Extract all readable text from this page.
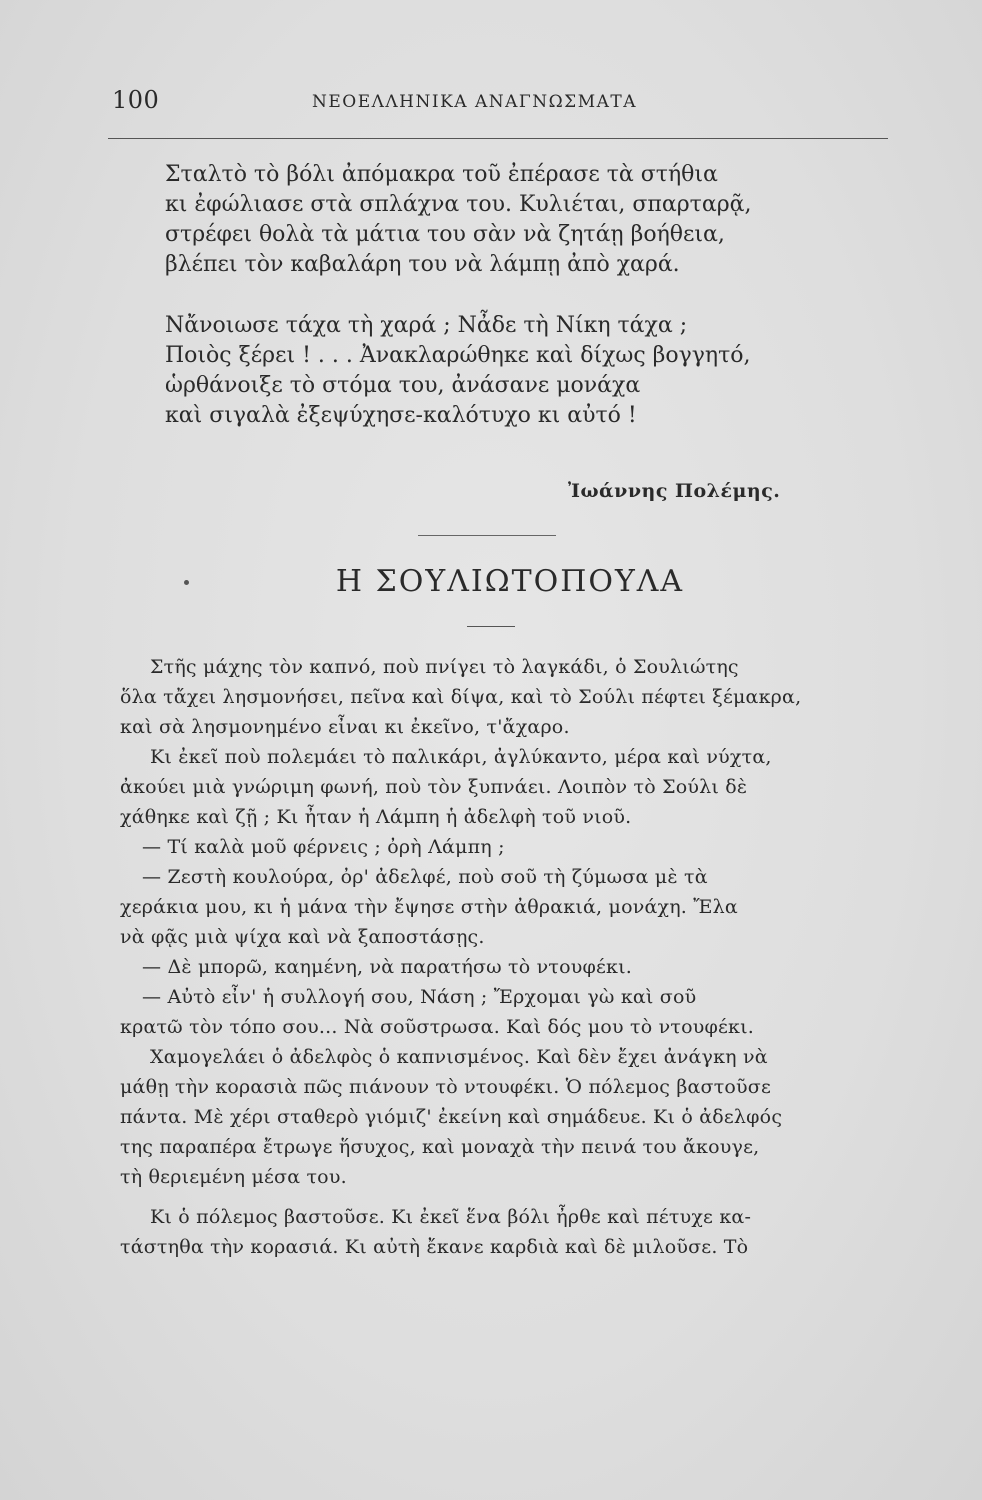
100	ΝΕΟΕΛΛΗΝΙΚΑ ΑΝΑΓΝΩΣΜΑΤΑ
Σταλτὸ τὸ βόλι ἀπόμακρα τοῦ ἐπέρασε τὰ στήθια
κι ἐφώλιασε στὰ σπλάχνα του. Κυλιέται, σπαρταρᾷ,
στρέφει θολὰ τὰ μάτια του σὰν νὰ ζητάῃ βοήθεια,
βλέπει τὸν καβαλάρη του νὰ λάμπῃ ἀπὸ χαρά.
Νἄνοιωσε τάχα τὴ χαρά ; Νἆδε τὴ Νίκη τάχα ;
Ποιὸς ξέρει ! . . . Ἀνακλαρώθηκε καὶ δίχως βογγητό,
ὡρθάνοιξε τὸ στόμα του, ἀνάσανε μονάχα
καὶ σιγαλὰ ἐξεψύχησε-καλότυχο κι αὐτό !
Ἰωάννης Πολέμης.
Η ΣΟΥΛΙΩΤΟΠΟΥΛΑ
Στῆς μάχης τὸν καπνό, ποὺ πνίγει τὸ λαγκάδι, ὁ Σουλιώτης
ὅλα τἄχει λησμονήσει, πεῖνα καὶ δίψα, καὶ τὸ Σούλι πέφτει ξέμακρα,
καὶ σὰ λησμονημένο εἶναι κι ἐκεῖνο, τ'ἄχαρο.
Κι ἐκεῖ ποὺ πολεμάει τὸ παλικάρι, ἀγλύκαντο, μέρα καὶ νύχτα,
ἀκούει μιὰ γνώριμη φωνή, ποὺ τὸν ξυπνάει. Λοιπὸν τὸ Σούλι δὲ
χάθηκε καὶ ζῇ ; Κι ἦταν ἡ Λάμπη ἡ ἀδελφὴ τοῦ νιοῦ.
— Τί καλὰ μοῦ φέρνεις ; ὀρὴ Λάμπη ;
— Ζεστὴ κουλούρα, ὀρ' ἀδελφέ, ποὺ σοῦ τὴ ζύμωσα μὲ τὰ
χεράκια μου, κι ἡ μάνα τὴν ἔψησε στὴν ἀθρακιά, μονάχη. Ἔλα
νὰ φᾷς μιὰ ψίχα καὶ νὰ ξαποστάσῃς.
— Δὲ μπορῶ, καημένη, νὰ παρατήσω τὸ ντουφέκι.
— Αὐτὸ εἶν' ἡ συλλογή σου, Νάση ; Ἔρχομαι γὼ καὶ σοῦ
κρατῶ τὸν τόπο σου... Νὰ σοῦστρωσα. Καὶ δός μου τὸ ντουφέκι.
Χαμογελάει ὁ ἀδελφὸς ὁ καπνισμένος. Καὶ δὲν ἔχει ἀνάγκη νὰ
μάθῃ τὴν κορασιὰ πῶς πιάνουν τὸ ντουφέκι. Ὁ πόλεμος βαστοῦσε
πάντα. Μὲ χέρι σταθερὸ γιόμιζ' ἐκείνη καὶ σημάδευε. Κι ὁ ἀδελφός
της παραπέρα ἔτρωγε ἥσυχος, καὶ μοναχὰ τὴν πεινά του ἄκουγε,
τὴ θεριεμένη μέσα του.
Κι ὁ πόλεμος βαστοῦσε. Κι ἐκεῖ ἕνα βόλι ἦρθε καὶ πέτυχε κα-
τάστηθα τὴν κορασιά. Κι αὐτὴ ἔκανε καρδιὰ καὶ δὲ μιλοῦσε. Τὸ
